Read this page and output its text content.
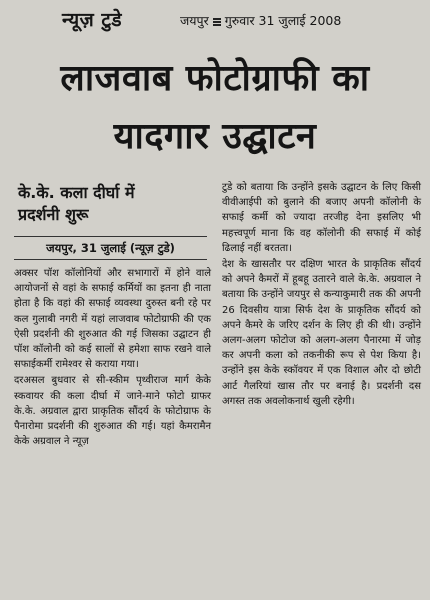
न्यूज़ टुडे	जयपुर गुरुवार 31 जुलाई 2008
लाजवाब फोटोग्राफी का
यादगार उद्घाटन
के.के. कला दीर्घा में
प्रदर्शनी शुरू
जयपुर, 31 जुलाई (न्यूज़ टुडे)

अक्सर पॉश कॉलोनियों और सभागारों में होने वाले आयोजनों से वहां के सफाई कर्मियों का इतना ही नाता होता है कि वहां की सफाई व्यवस्था दुरुस्त बनी रहे पर कल गुलाबी नगरी में यहां लाजवाब फोटोग्राफी की एक ऐसी प्रदर्शनी की शुरुआत की गई जिसका उद्घाटन ही पॉश कॉलोनी को कई सालों से हमेशा साफ रखने वाले सफाईकर्मी रामेश्वर से कराया गया।

दरअसल बुधवार से सी-स्कीम पृथ्वीराज मार्ग केके स्कवायर की कला दीर्घा में जाने-माने फोटो ग्राफर के.के. अग्रवाल द्वारा प्राकृतिक सौंदर्य के फोटोग्राफ के पैनारोमा प्रदर्शनी की शुरुआत की गई। यहां कैमरामैन केके अग्रवाल ने न्यूज़

टुडे को बताया कि उन्होंने इसके उद्घाटन के लिए किसी वीवीआईपी को बुलाने की बजाए अपनी कॉलोनी के सफाई कर्मी को ज्यादा तरजीह देना इसलिए भी महत्त्वपूर्ण माना कि वह कॉलोनी की सफाई में कोई ढिलाई नहीं बरतता।

देश के खासतौर पर दक्षिण भारत के प्राकृतिक सौंदर्य को अपने कैमरों में हूबहू उतारने वाले के.के. अग्रवाल ने बताया कि उन्होंने जयपुर से कन्याकुमारी तक की अपनी 26 दिवसीय यात्रा सिर्फ देश के प्राकृतिक सौंदर्य को अपने कैमरे के जरिए दर्शन के लिए ही की थी। उन्होंने अलग-अलग फोटोज को अलग-अलग पैनारमा में जोड़ कर अपनी कला को तकनीकी रूप से पेश किया है। उन्होंने इस केके स्कॉवयर में एक विशाल और दो छोटी आर्ट गैलरियां खास तौर पर बनाई है। प्रदर्शनी दस अगस्त तक अवलोकनार्थ खुली रहेगी।
